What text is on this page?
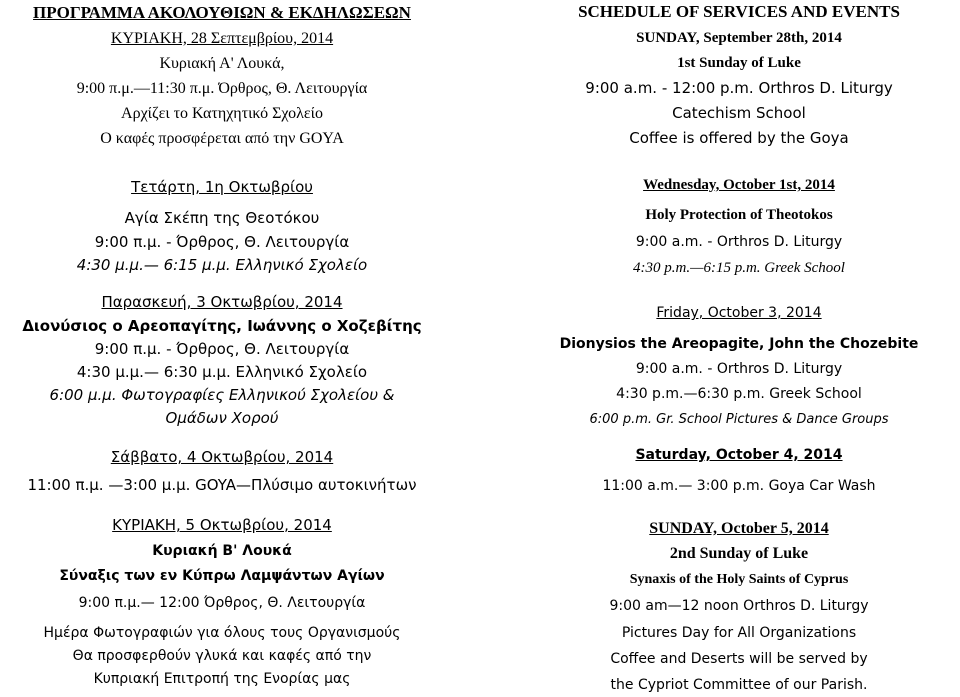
ΠΡΟΓΡΑΜΜΑ ΑΚΟΛΟΥΘΙΩΝ & ΕΚΔΗΛΩΣΕΩΝ
ΚΥΡΙΑΚΗ, 28 Σεπτεμβρίου, 2014
Κυριακή Α' Λουκά,
9:00 π.μ.—11:30 π.μ. Όρθρος, Θ. Λειτουργία
Αρχίζει το Κατηχητικό Σχολείο
Ο καφές προσφέρεται από την GOYA
Τετάρτη, 1η Οκτωβρίου
Αγία Σκέπη της Θεοτόκου
9:00 π.μ. - Όρθρος, Θ. Λειτουργία
4:30 μ.μ.— 6:15 μ.μ. Ελληνικό Σχολείο
Παρασκευή, 3 Οκτωβρίου, 2014
Διονύσιος ο Αρεοπαγίτης, Ιωάννης ο Χοζεβίτης
9:00 π.μ. - Όρθρος, Θ. Λειτουργία
4:30 μ.μ.— 6:30 μ.μ. Ελληνικό Σχολείο
6:00 μ.μ. Φωτογραφίες Ελληνικού Σχολείου &
Ομάδων Χορού
Σάββατο, 4 Οκτωβρίου, 2014
11:00 π.μ. —3:00 μ.μ. GOYA—Πλύσιμο αυτοκινήτων
ΚΥΡΙΑΚΗ, 5 Οκτωβρίου, 2014
Κυριακή Β' Λουκά
Σύναξις των εν Κύπρω Λαμψάντων Αγίων
9:00 π.μ.— 12:00 Όρθρος, Θ. Λειτουργία
Ημέρα Φωτογραφιών για όλους τους Οργανισμούς
Θα προσφερθούν γλυκά και καφές από την
Κυπριακή Επιτροπή της Ενορίας μας
SCHEDULE OF SERVICES AND EVENTS
SUNDAY, September 28th, 2014
1st Sunday of Luke
9:00 a.m. - 12:00 p.m. Orthros D. Liturgy
Catechism School
Coffee is offered by the Goya
Wednesday, October 1st, 2014
Holy Protection of Theotokos
9:00 a.m. - Orthros D. Liturgy
4:30 p.m.—6:15 p.m. Greek School
Friday, October 3, 2014
Dionysios the Areopagite, John the Chozebite
9:00 a.m. - Orthros D. Liturgy
4:30 p.m.—6:30 p.m. Greek School
6:00 p.m. Gr. School Pictures & Dance Groups
Saturday, October 4, 2014
11:00 a.m.— 3:00 p.m. Goya Car Wash
SUNDAY, October 5, 2014
2nd Sunday of Luke
Synaxis of the Holy Saints of Cyprus
9:00 am—12 noon Orthros D. Liturgy
Pictures Day for All Organizations
Coffee and Deserts will be served by
the Cypriot Committee of our Parish.
